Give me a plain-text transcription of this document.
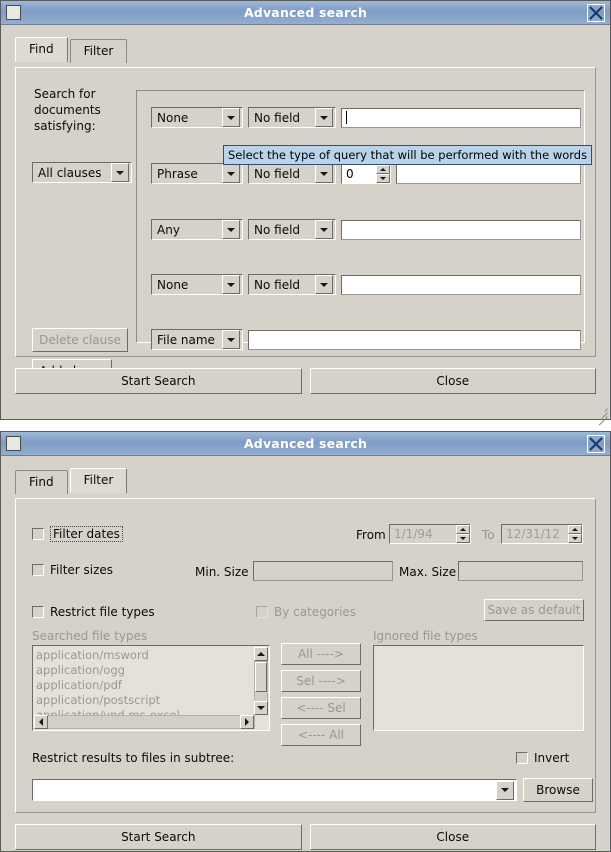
Advanced search
Find	Filter
Search for documents satisfying:
All clauses
Delete clause
None	No field
Select the type of query that will be performed with the words
Phrase	No field	0
Any	No field
None	No field
File name
Start Search	Close
Advanced search
Find	Filter
Filter dates	From 1/1/94	To 12/31/12
Filter sizes	Min. Size	Max. Size
Restrict file types	By categories	Save as default
Searched file types
application/msword
application/ogg
application/pdf
application/postscript
All ---->
Sel ---->
<---- Sel
<---- All
Ignored file types
Restrict results to files in subtree:	Invert
Browse
Start Search	Close
